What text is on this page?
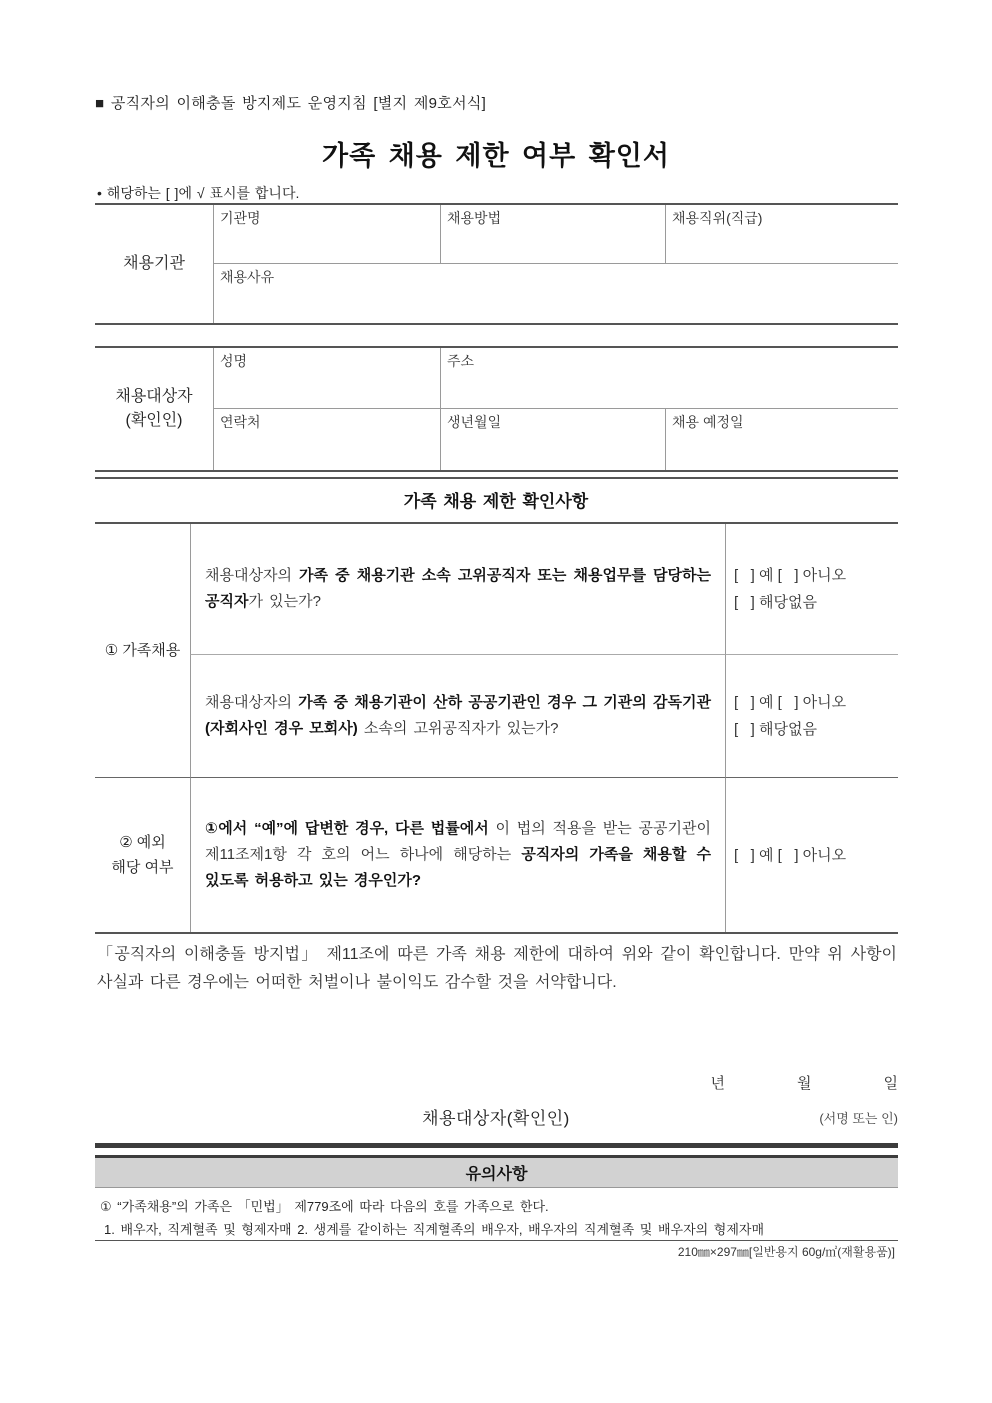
■ 공직자의 이해충돌 방지제도 운영지침 [별지 제9호서식]
가족 채용 제한 여부 확인서
• 해당하는 [ ]에 √ 표시를 합니다.
채용기관
기관명	채용방법	채용직위(직급)
채용사유
채용대상자
(확인인)
성명	주소
연락처	생년월일	채용 예정일
가족 채용 제한 확인사항
① 가족채용
채용대상자의 가족 중 채용기관 소속 고위공직자 또는 채용업무를 담당하는 공직자가 있는가?
[   ] 예 [   ] 아니오
[   ] 해당없음
채용대상자의 가족 중 채용기관이 산하 공공기관인 경우 그 기관의 감독기관(자회사인 경우 모회사) 소속의 고위공직자가 있는가?
[   ] 예 [   ] 아니오
[   ] 해당없음
② 예외
해당 여부
①에서 “예”에 답변한 경우, 다른 법률에서 이 법의 적용을 받는 공공기관이 제11조제1항 각 호의 어느 하나에 해당하는 공직자의 가족을 채용할 수 있도록 허용하고 있는 경우인가?
[   ] 예 [   ] 아니오
「공직자의 이해충돌 방지법」 제11조에 따른 가족 채용 제한에 대하여 위와 같이 확인합니다. 만약 위 사항이 사실과 다른 경우에는 어떠한 처벌이나 불이익도 감수할 것을 서약합니다.
년	월	일
채용대상자(확인인)	(서명 또는 인)
유의사항
① “가족채용”의 가족은 「민법」 제779조에 따라 다음의 호를 가족으로 한다.
1. 배우자, 직계혈족 및 형제자매 2. 생계를 같이하는 직계혈족의 배우자, 배우자의 직계혈족 및 배우자의 형제자매
210㎜×297㎜[일반용지 60g/㎡(재활용품)]
